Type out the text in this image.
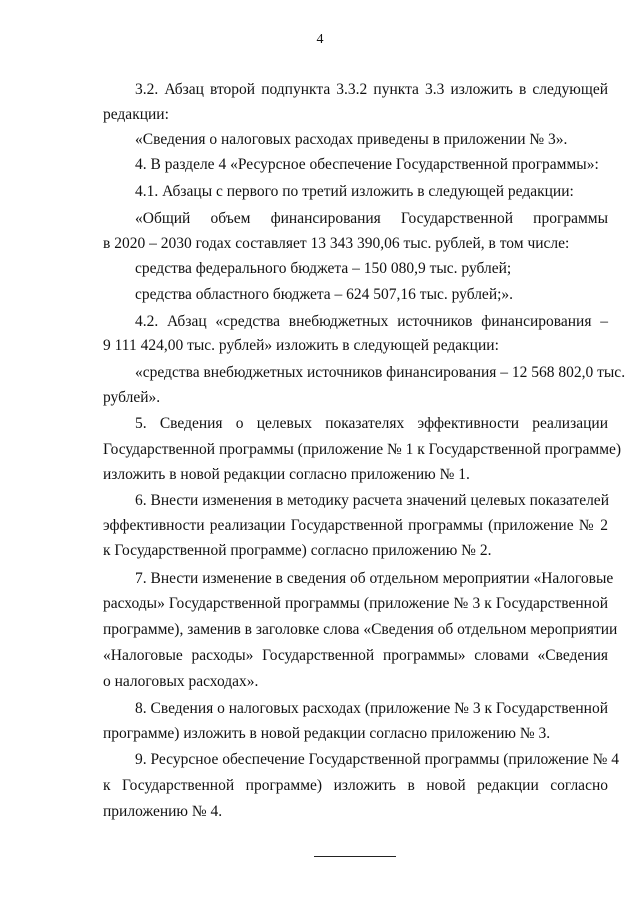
4
3.2. Абзац второй подпункта 3.3.2 пункта 3.3 изложить в следующей
редакции:
«Сведения о налоговых расходах приведены в приложении № 3».
4. В разделе 4 «Ресурсное обеспечение Государственной программы»:
4.1. Абзацы с первого по третий изложить в следующей редакции:
«Общий объем финансирования Государственной программы
в 2020 – 2030 годах составляет 13 343 390,06 тыс. рублей, в том числе:
средства федерального бюджета – 150 080,9 тыс. рублей;
средства областного бюджета – 624 507,16 тыс. рублей;».
4.2. Абзац «средства внебюджетных источников финансирования –
9 111 424,00 тыс. рублей» изложить в следующей редакции:
«средства внебюджетных источников финансирования – 12 568 802,0 тыс.
рублей».
5. Сведения о целевых показателях эффективности реализации
Государственной программы (приложение № 1 к Государственной программе)
изложить в новой редакции согласно приложению № 1.
6. Внести изменения в методику расчета значений целевых показателей
эффективности реализации Государственной программы (приложение № 2
к Государственной программе) согласно приложению № 2.
7. Внести изменение в сведения об отдельном мероприятии «Налоговые
расходы» Государственной программы (приложение № 3 к Государственной
программе), заменив в заголовке слова «Сведения об отдельном мероприятии
«Налоговые расходы» Государственной программы» словами «Сведения
о налоговых расходах».
8. Сведения о налоговых расходах (приложение № 3 к Государственной
программе) изложить в новой редакции согласно приложению № 3.
9. Ресурсное обеспечение Государственной программы (приложение № 4
к Государственной программе) изложить в новой редакции согласно
приложению № 4.
